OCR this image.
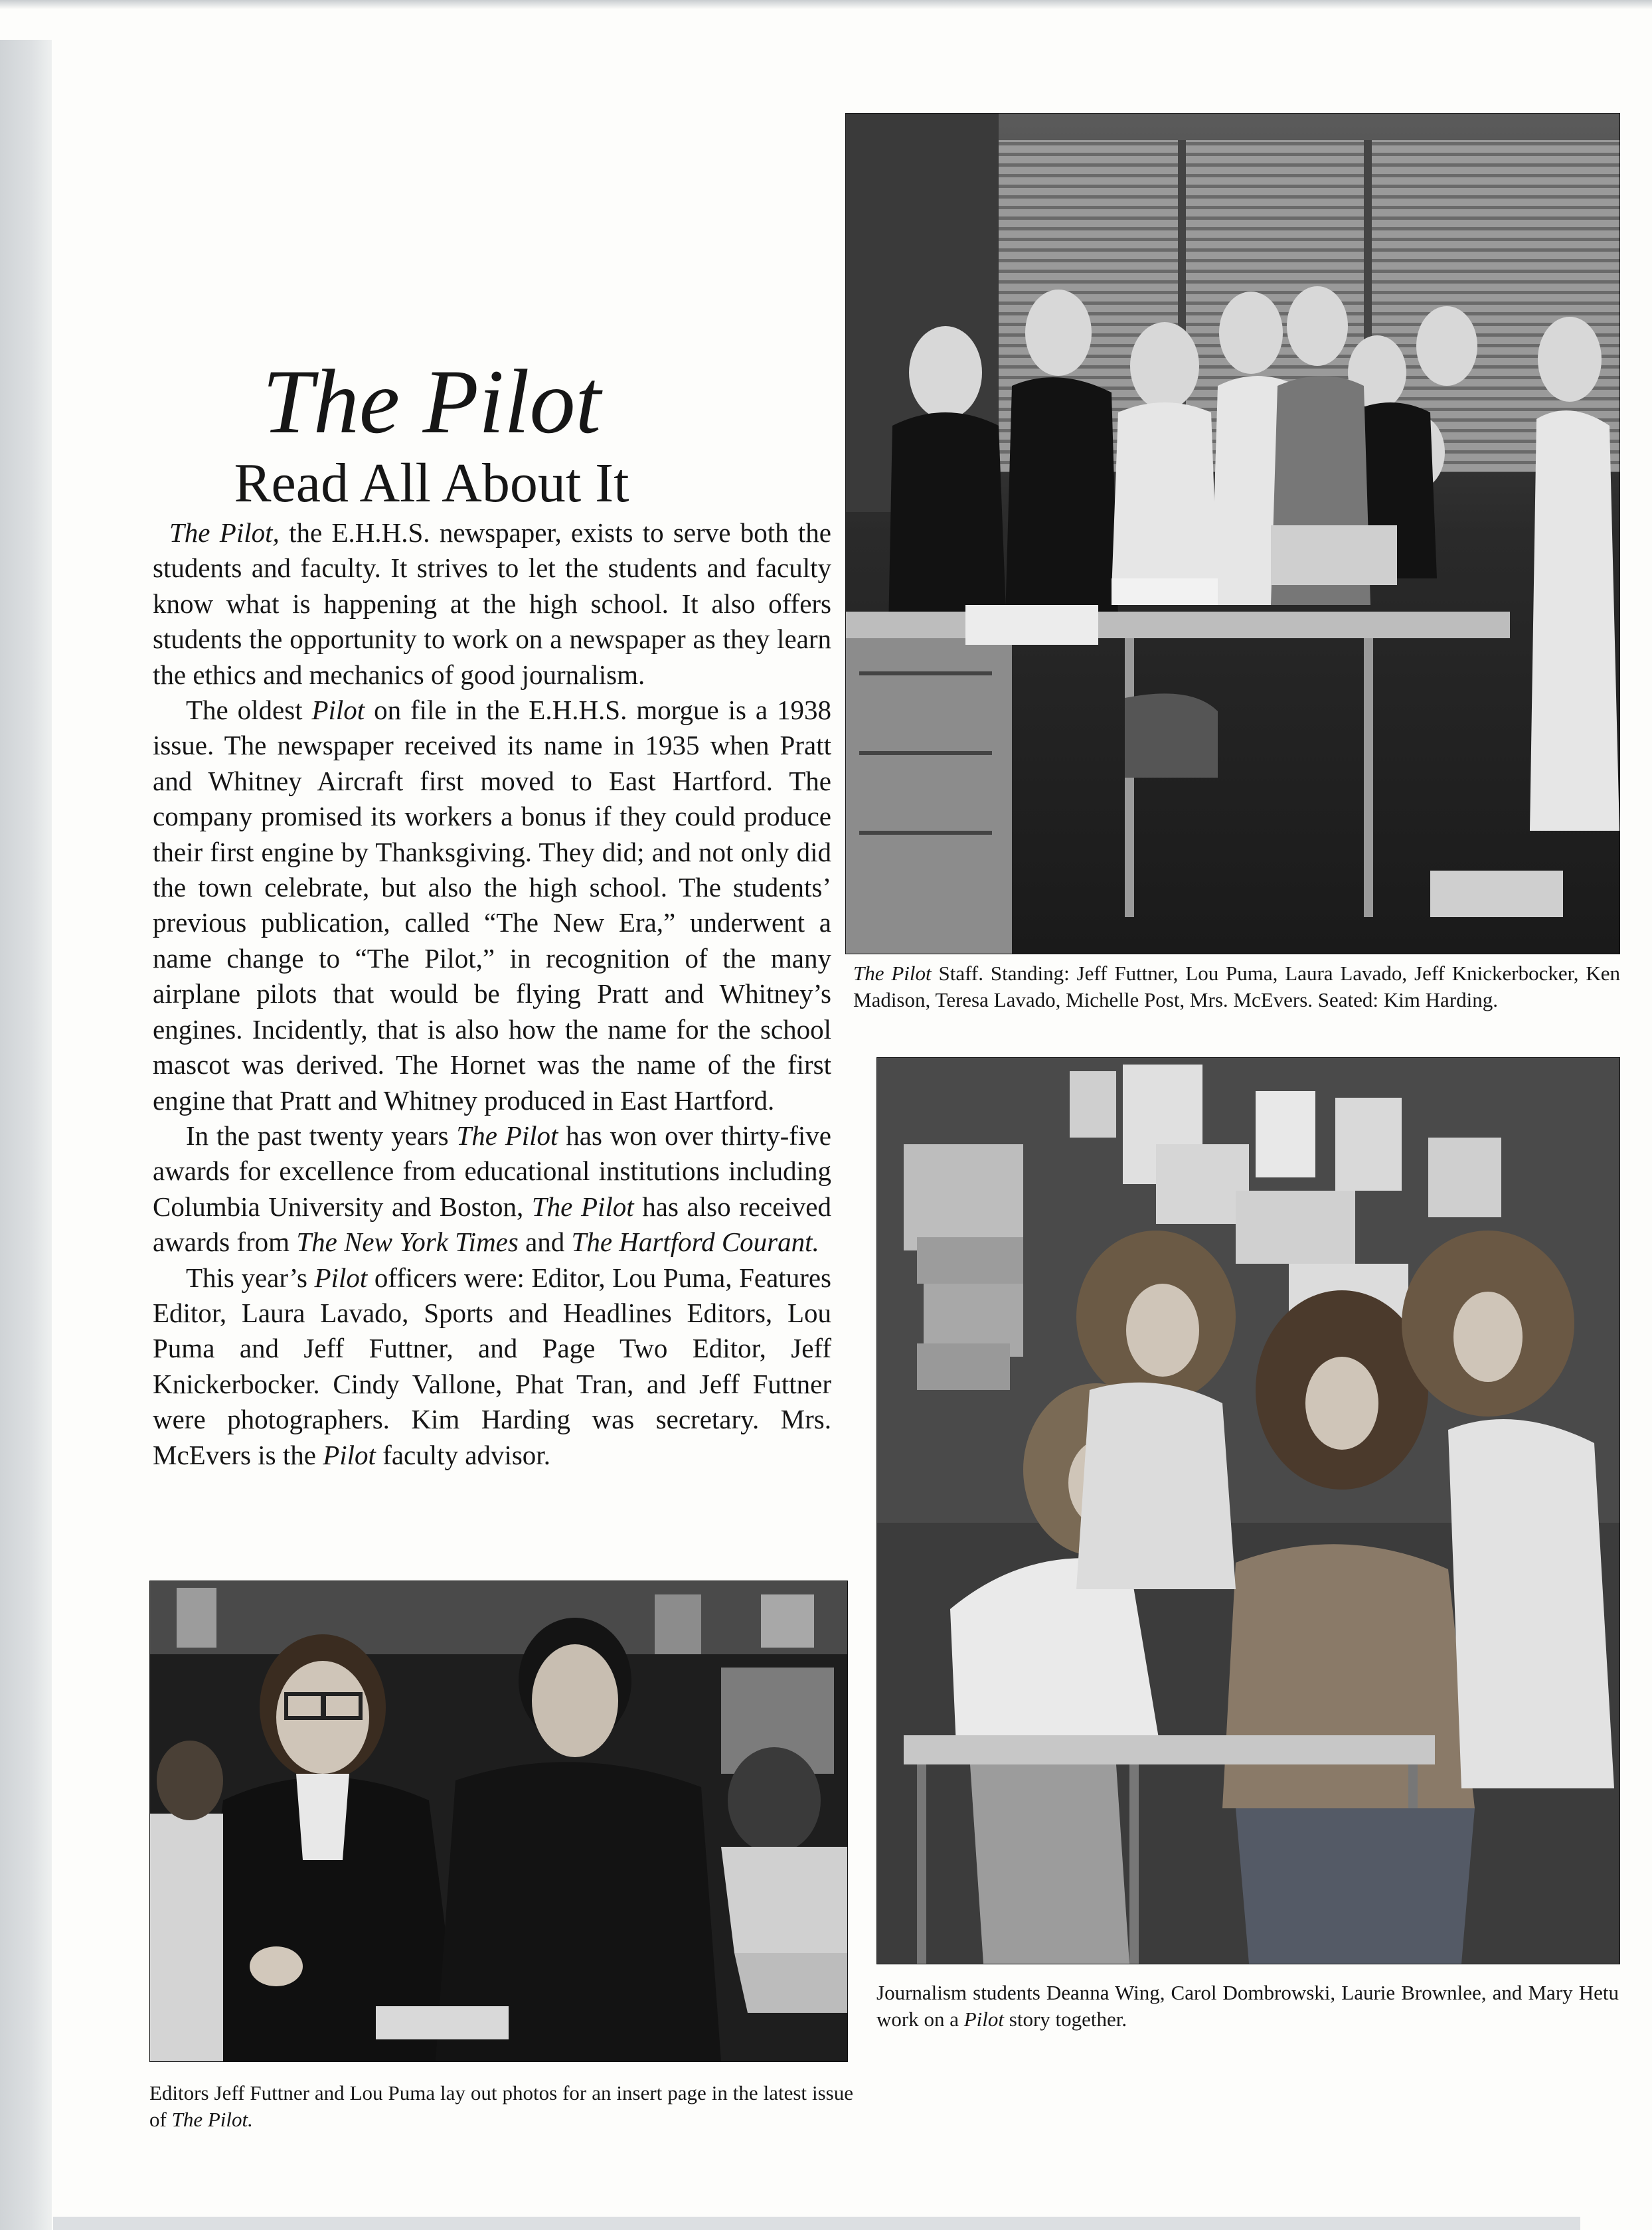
The Pilot
Read All About It

The Pilot, the E.H.H.S. newspaper, exists to serve both the students and faculty. It strives to let the students and faculty know what is happening at the high school. It also offers students the opportunity to work on a newspaper as they learn the ethics and mechanics of good journalism.

The oldest Pilot on file in the E.H.H.S. morgue is a 1938 issue. The newspaper received its name in 1935 when Pratt and Whitney Aircraft first moved to East Hartford. The company promised its workers a bonus if they could produce their first engine by Thanksgiving. They did; and not only did the town celebrate, but also the high school. The students’ previous publication, called “The New Era,” underwent a name change to “The Pilot,” in recognition of the many airplane pilots that would be flying Pratt and Whitney’s engines. Incidently, that is also how the name for the school mascot was derived. The Hornet was the name of the first engine that Pratt and Whitney produced in East Hartford.

In the past twenty years The Pilot has won over thirty-five awards for excellence from educational institutions including Columbia University and Boston, The Pilot has also received awards from The New York Times and The Hartford Courant.

This year’s Pilot officers were: Editor, Lou Puma, Features Editor, Laura Lavado, Sports and Headlines Editors, Lou Puma and Jeff Futtner, and Page Two Editor, Jeff Knickerbocker. Cindy Vallone, Phat Tran, and Jeff Futtner were photographers. Kim Harding was secretary. Mrs. McEvers is the Pilot faculty advisor.

The Pilot Staff. Standing: Jeff Futtner, Lou Puma, Laura Lavado, Jeff Knickerbocker, Ken Madison, Teresa Lavado, Michelle Post, Mrs. McEvers. Seated: Kim Harding.

Journalism students Deanna Wing, Carol Dombrowski, Laurie Brownlee, and Mary Hetu work on a Pilot story together.

Editors Jeff Futtner and Lou Puma lay out photos for an insert page in the latest issue of The Pilot.
